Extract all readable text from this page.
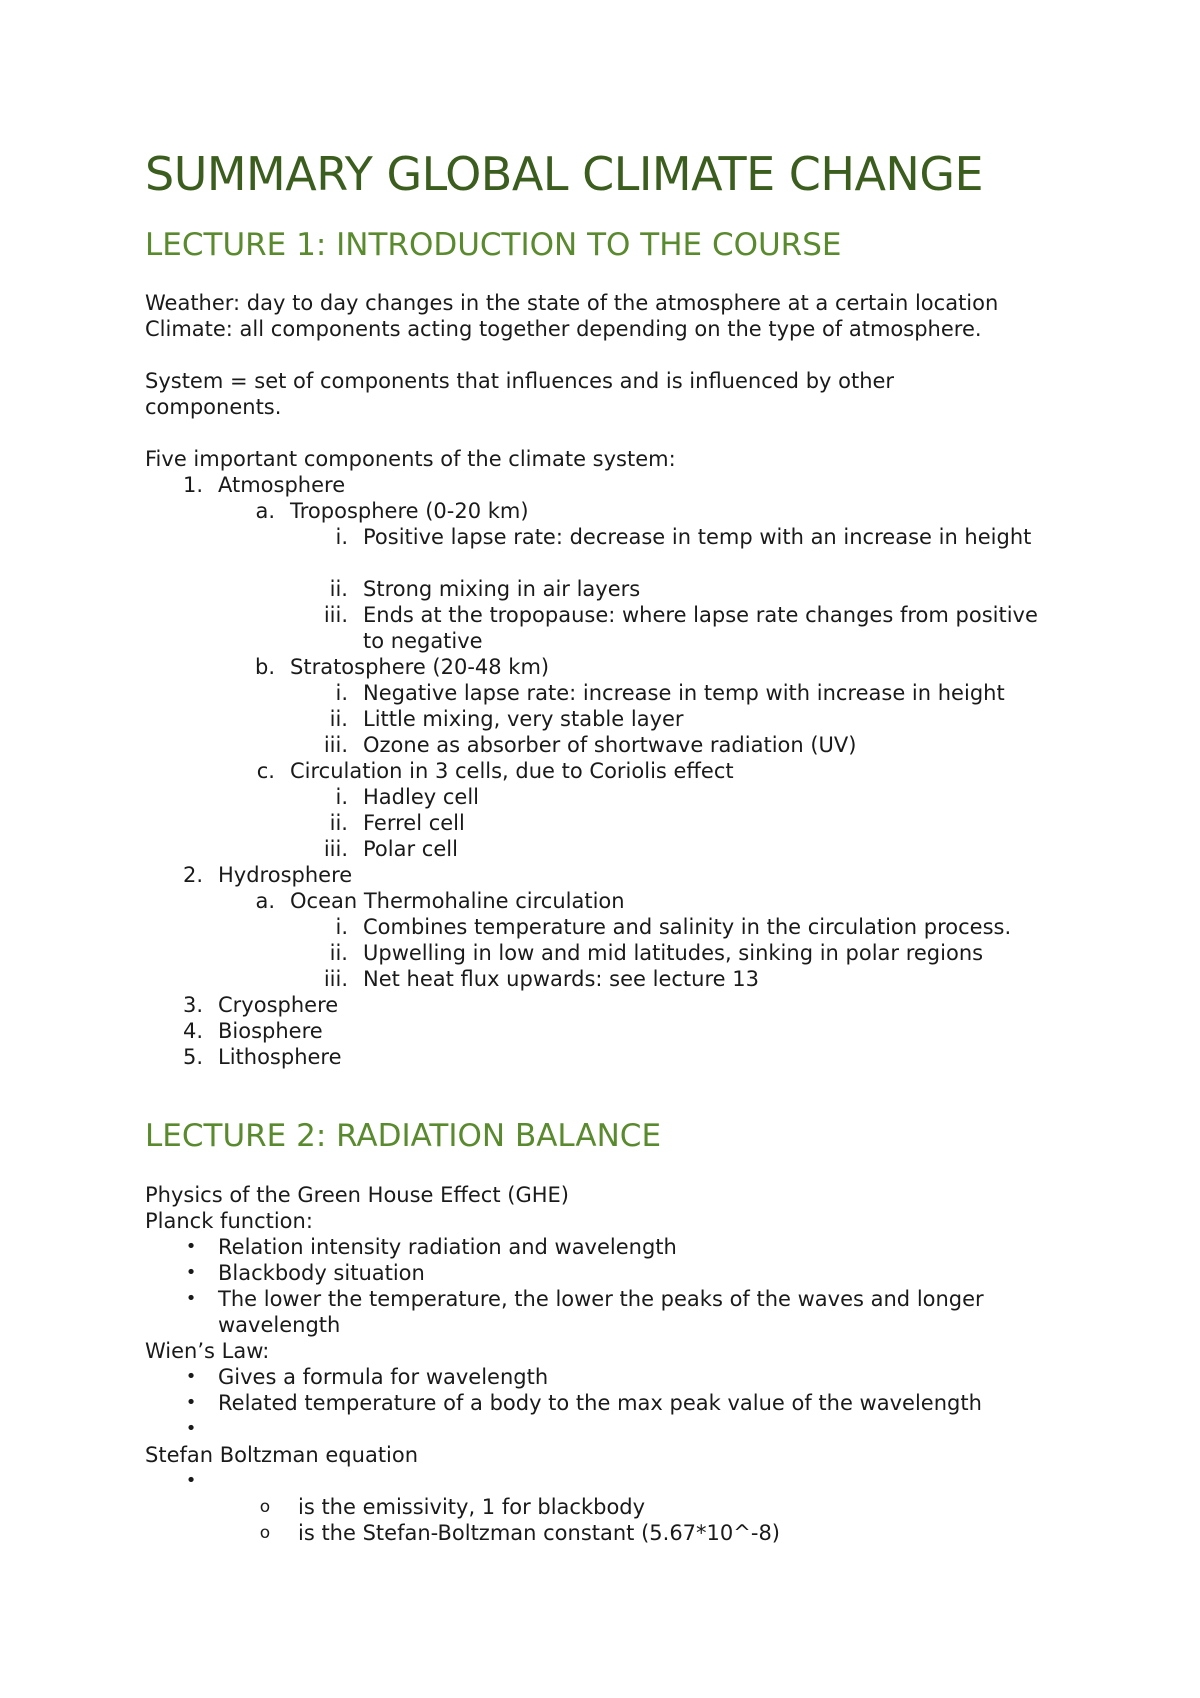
SUMMARY GLOBAL CLIMATE CHANGE
LECTURE 1: INTRODUCTION TO THE COURSE

Weather: day to day changes in the state of the atmosphere at a certain location

Climate: all components acting together depending on the type of atmosphere.

System = set of components that influences and is influenced by other components.

Five important components of the climate system:

1. Atmosphere
a. Troposphere (0-20 km)
i. Positive lapse rate: decrease in temp with an increase in height
ii. Strong mixing in air layers
iii. Ends at the tropopause: where lapse rate changes from positive to negative
b. Stratosphere (20-48 km)
i. Negative lapse rate: increase in temp with increase in height
ii. Little mixing, very stable layer
iii. Ozone as absorber of shortwave radiation (UV)
c. Circulation in 3 cells, due to Coriolis effect
i. Hadley cell
ii. Ferrel cell
iii. Polar cell
2. Hydrosphere
a. Ocean Thermohaline circulation
i. Combines temperature and salinity in the circulation process.
ii. Upwelling in low and mid latitudes, sinking in polar regions
iii. Net heat flux upwards: see lecture 13
3. Cryosphere
4. Biosphere
5. Lithosphere
LECTURE 2: RADIATION BALANCE

Physics of the Green House Effect (GHE)

Planck function:

• Relation intensity radiation and wavelength
• Blackbody situation
• The lower the temperature, the lower the peaks of the waves and longer wavelength

Wien’s Law:

• Gives a formula for wavelength
• Related temperature of a body to the max peak value of the wavelength
•

Stefan Boltzman equation

•
o is the emissivity, 1 for blackbody
o is the Stefan-Boltzman constant (5.67*10^-8)
